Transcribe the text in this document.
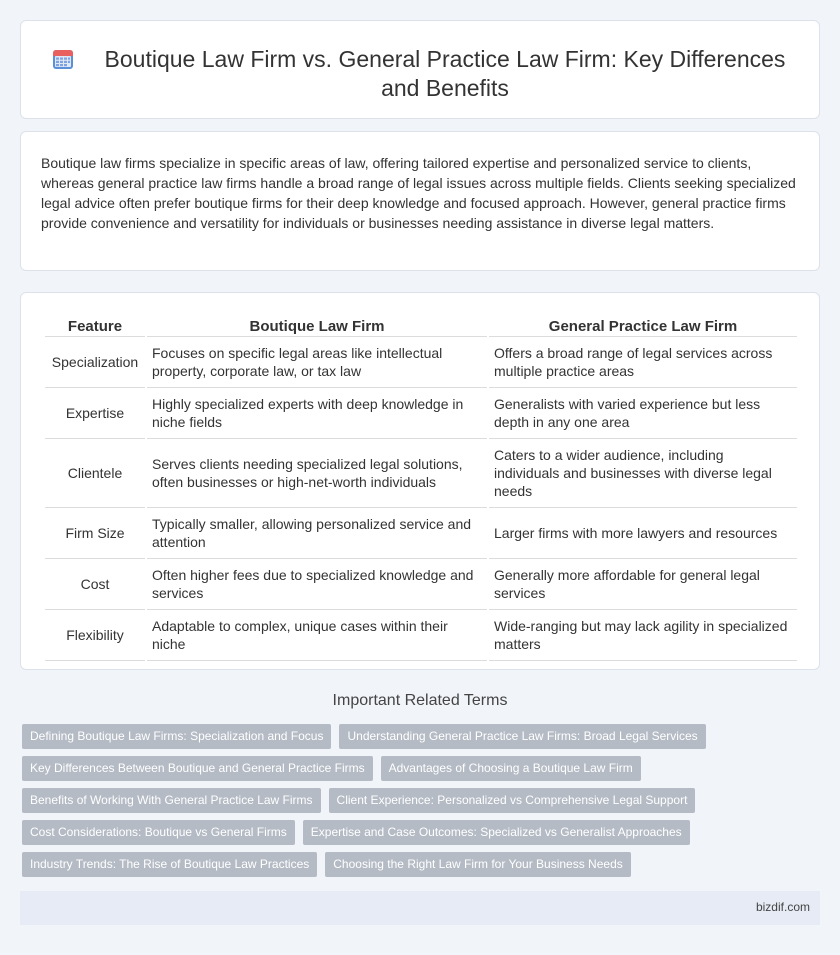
Boutique Law Firm vs. General Practice Law Firm: Key Differences and Benefits

Boutique law firms specialize in specific areas of law, offering tailored expertise and personalized service to clients, whereas general practice law firms handle a broad range of legal issues across multiple fields. Clients seeking specialized legal advice often prefer boutique firms for their deep knowledge and focused approach. However, general practice firms provide convenience and versatility for individuals or businesses needing assistance in diverse legal matters.

Feature	Boutique Law Firm	General Practice Law Firm
Specialization	Focuses on specific legal areas like intellectual property, corporate law, or tax law	Offers a broad range of legal services across multiple practice areas
Expertise	Highly specialized experts with deep knowledge in niche fields	Generalists with varied experience but less depth in any one area
Clientele	Serves clients needing specialized legal solutions, often businesses or high-net-worth individuals	Caters to a wider audience, including individuals and businesses with diverse legal needs
Firm Size	Typically smaller, allowing personalized service and attention	Larger firms with more lawyers and resources
Cost	Often higher fees due to specialized knowledge and services	Generally more affordable for general legal services
Flexibility	Adaptable to complex, unique cases within their niche	Wide-ranging but may lack agility in specialized matters
Important Related Terms
Defining Boutique Law Firms: Specialization and Focus	Understanding General Practice Law Firms: Broad Legal Services
Key Differences Between Boutique and General Practice Firms	Advantages of Choosing a Boutique Law Firm
Benefits of Working With General Practice Law Firms	Client Experience: Personalized vs Comprehensive Legal Support
Cost Considerations: Boutique vs General Firms	Expertise and Case Outcomes: Specialized vs Generalist Approaches
Industry Trends: The Rise of Boutique Law Practices	Choosing the Right Law Firm for Your Business Needs
bizdif.com
